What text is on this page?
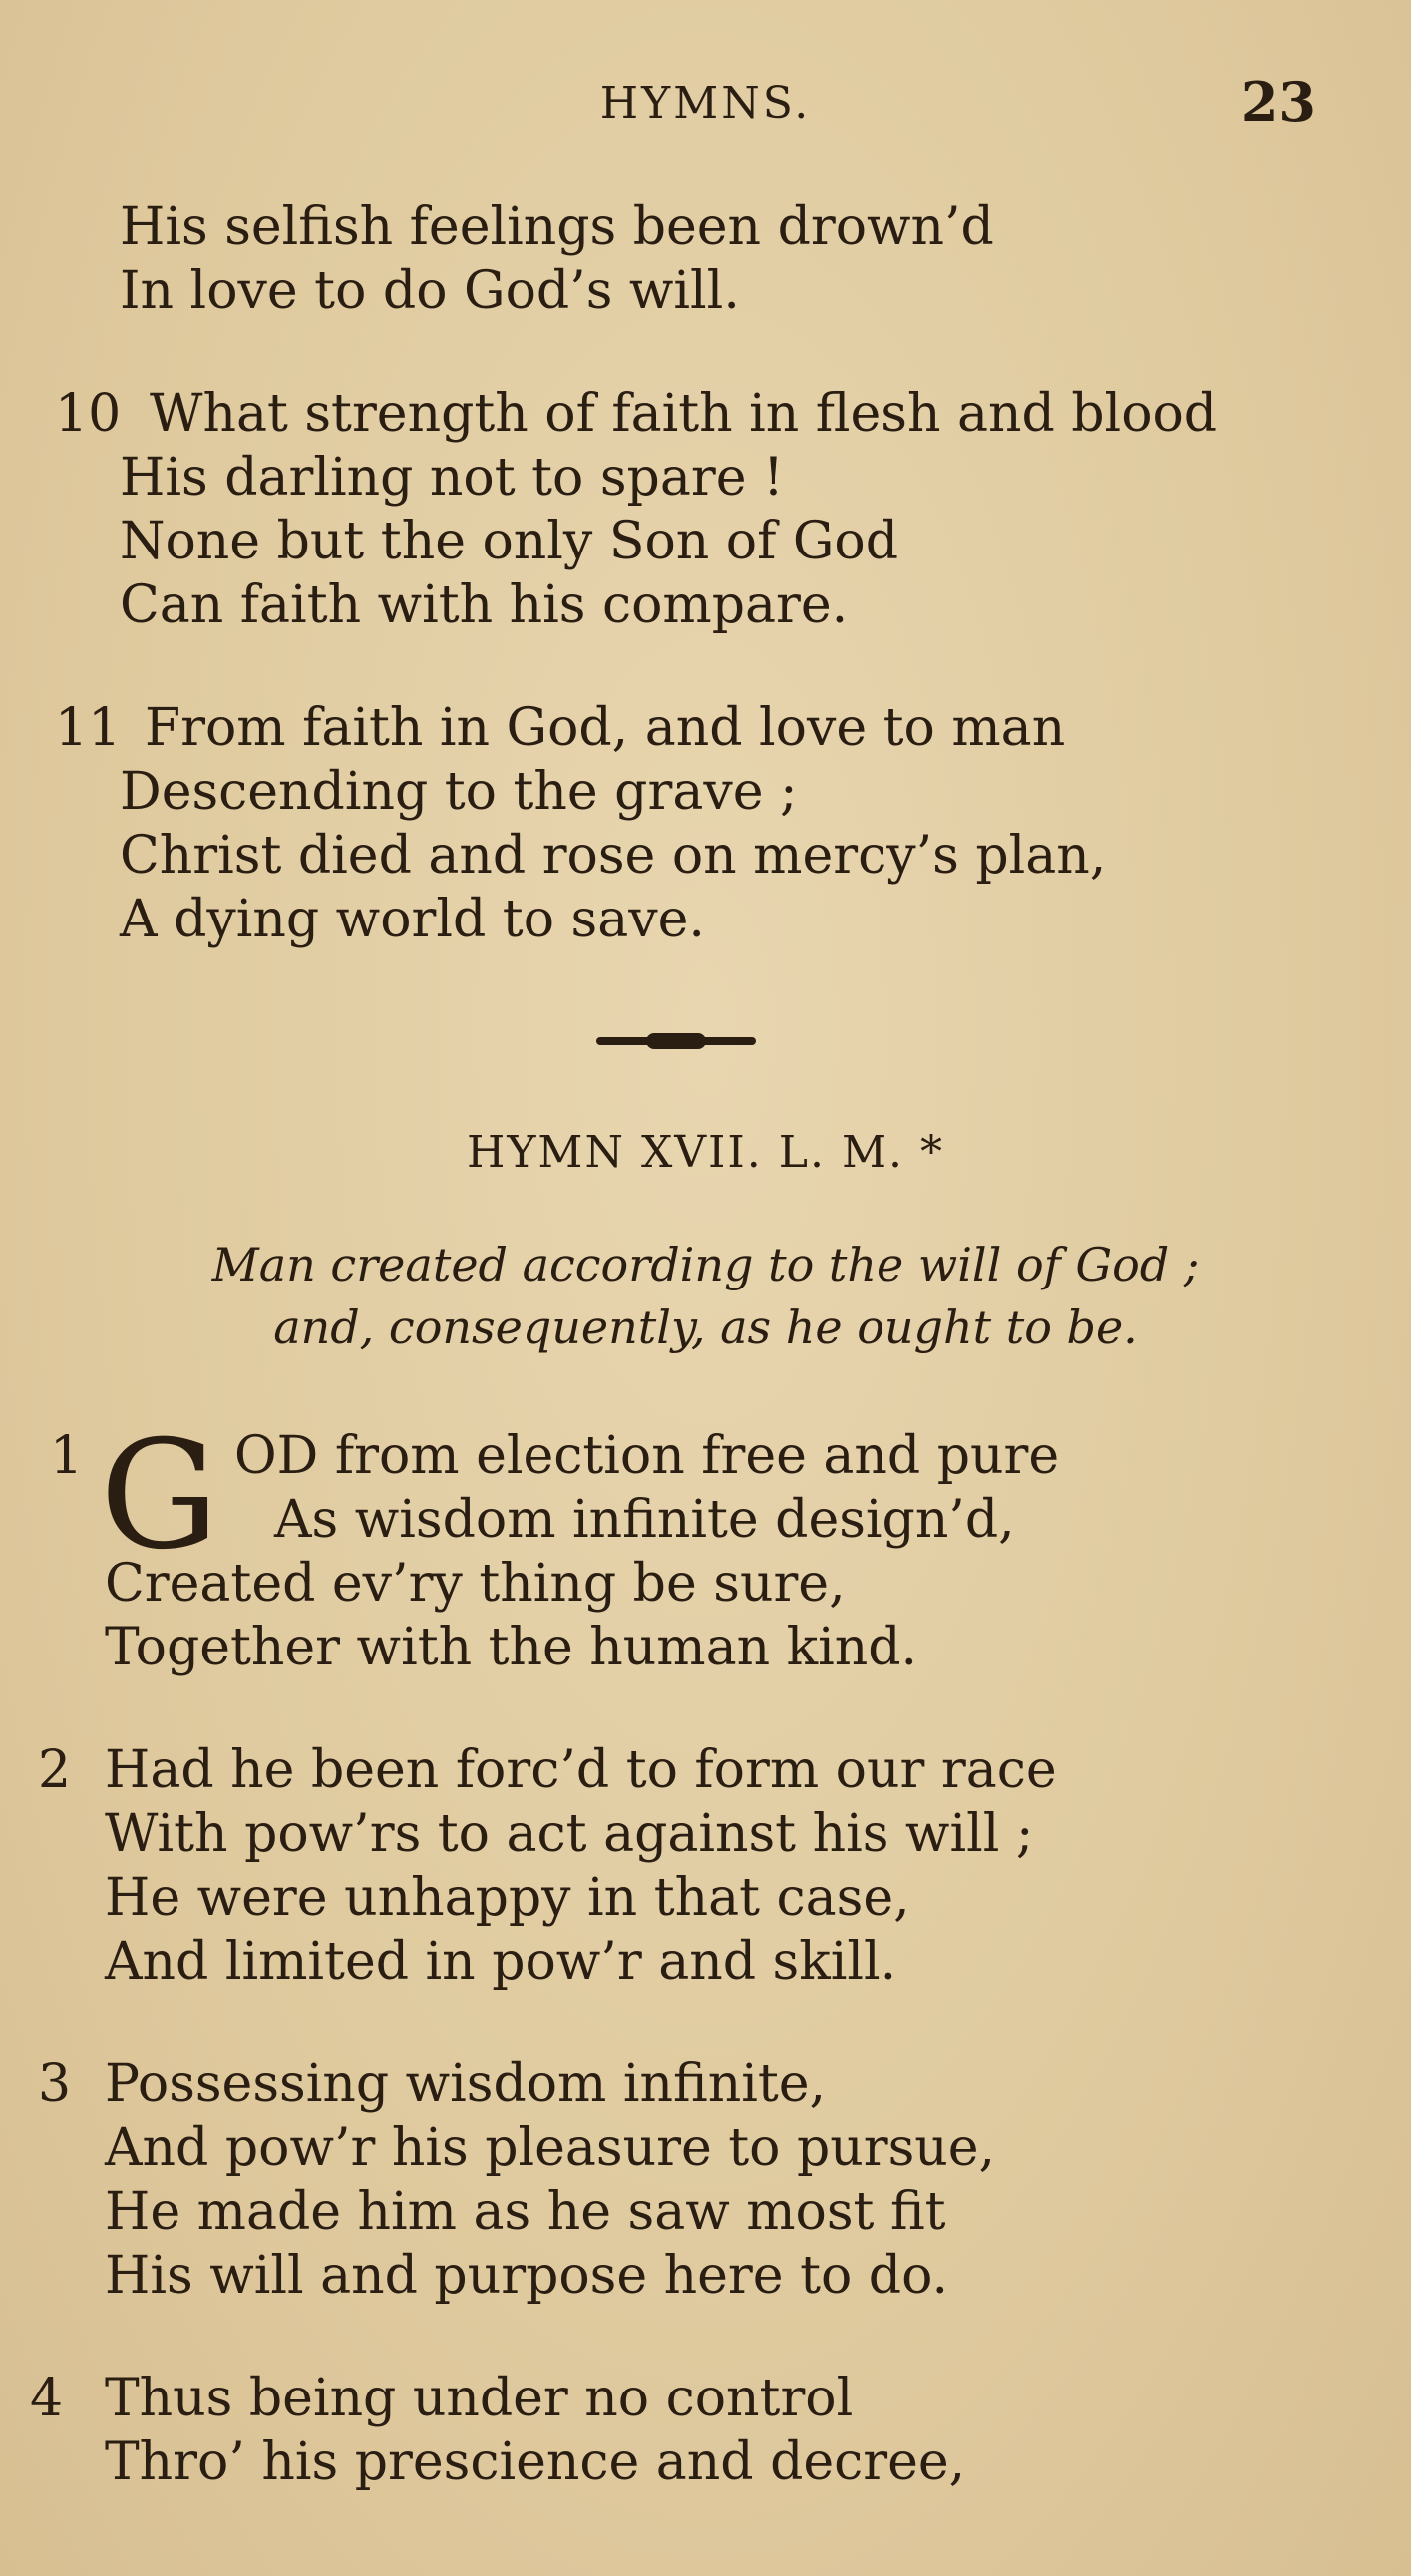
HYMNS.	23
His selfish feelings been drown’d
In love to do God’s will.
10 What strength of faith in flesh and blood
His darling not to spare !
None but the only Son of God
Can faith with his compare.
11 From faith in God, and love to man
Descending to the grave ;
Christ died and rose on mercy’s plan,
A dying world to save.
HYMN XVII. L. M. *
Man created according to the will of God ;
and, consequently, as he ought to be.
1 G OD from election free and pure
As wisdom infinite design’d,
Created ev’ry thing be sure,
Together with the human kind.
2 Had he been forc’d to form our race
With pow’rs to act against his will ;
He were unhappy in that case,
And limited in pow’r and skill.
3 Possessing wisdom infinite,
And pow’r his pleasure to pursue,
He made him as he saw most fit
His will and purpose here to do.
4 Thus being under no control
Thro’ his prescience and decree,
